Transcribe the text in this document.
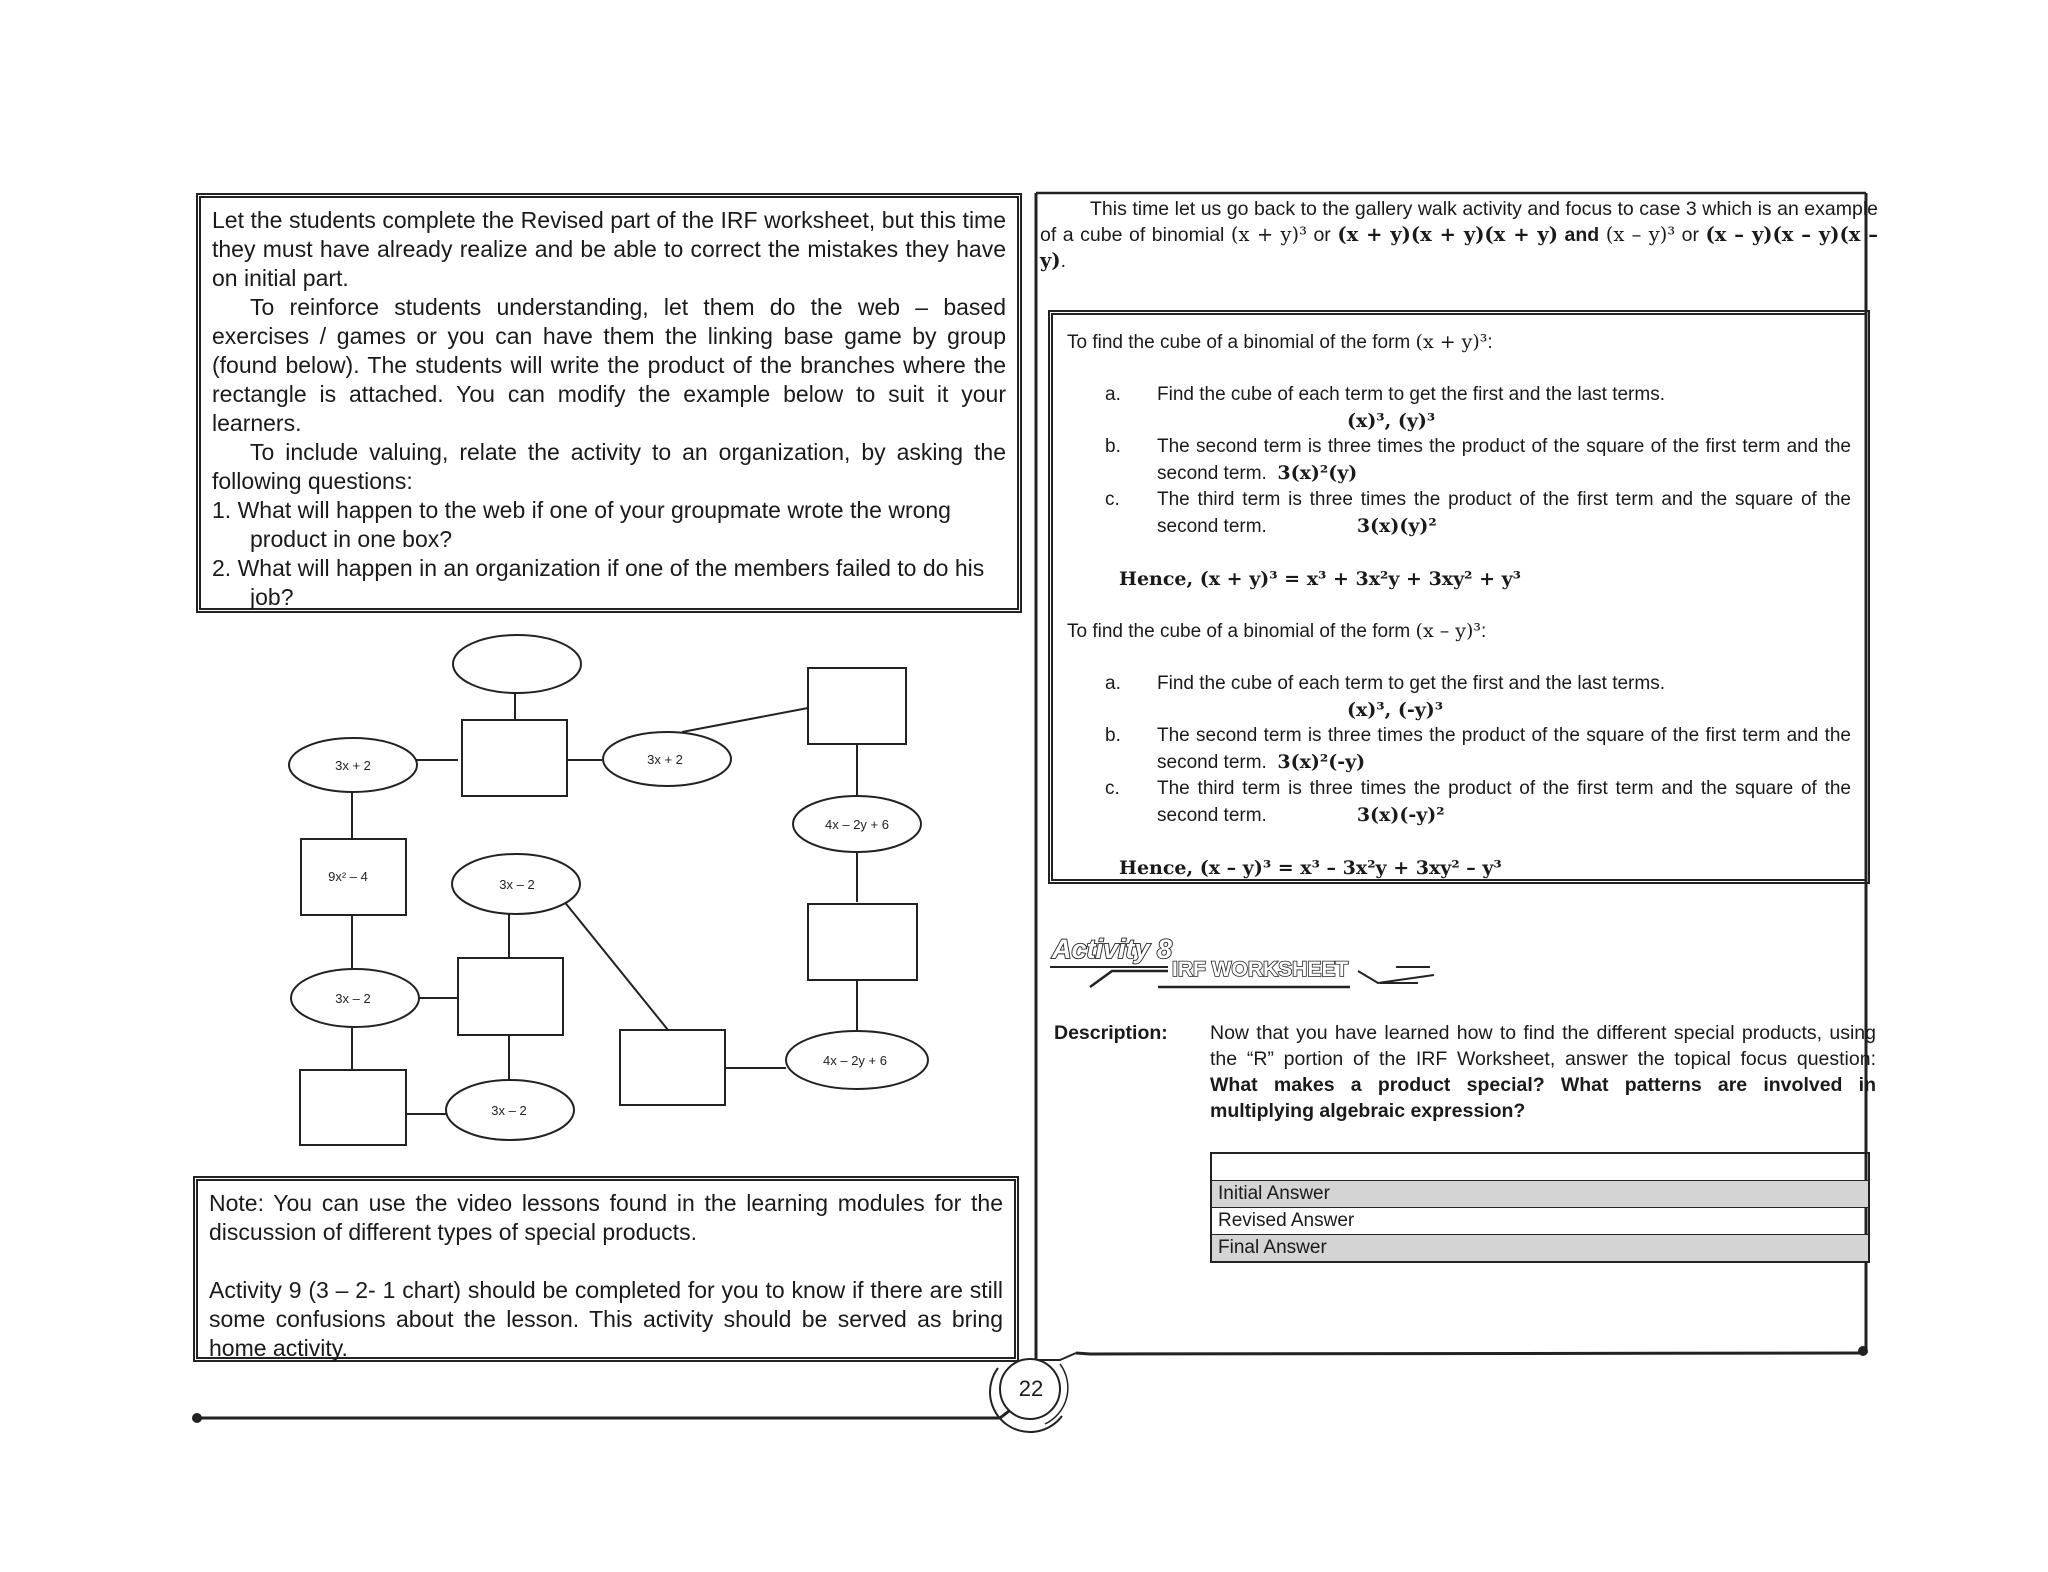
22

Let the students complete the Revised part of the IRF worksheet, but this time they must have already realize and be able to correct the mistakes they have on initial part.

To reinforce students understanding, let them do the web – based exercises / games or you can have them the linking base game by group (found below). The students will write the product of the branches where the rectangle is attached. You can modify the example below to suit it your learners.

To include valuing, relate the activity to an organization, by asking the following questions:

1. What will happen to the web if one of your groupmate wrote the wrong product in one box?
2. What will happen in an organization if one of the members failed to do his job?
3x + 2	3x + 2
4x – 2y + 6
9x² – 4
3x – 2
3x – 2
4x – 2y + 6
3x – 2

Note: You can use the video lessons found in the learning modules for the discussion of different types of special products.

Activity 9 (3 – 2- 1 chart) should be completed for you to know if there are still some confusions about the lesson. This activity should be served as bring home activity.

This time let us go back to the gallery walk activity and focus to case 3 which is an example of a cube of binomial (x + y)³ or (x + y)(x + y)(x + y) and (x – y)³ or (x – y)(x – y)(x – y).
To find the cube of a binomial of the form (x + y)³:
a.	Find the cube of each term to get the first and the last terms.
(x)³, (y)³
b.	The second term is three times the product of the square of the first term and the second term. 3(x)²(y)
c.	The third term is three times the product of the first term and the square of the second term.	3(x)(y)²
Hence, (x + y)³ = x³ + 3x²y + 3xy² + y³
To find the cube of a binomial of the form (x – y)³:
a.	Find the cube of each term to get the first and the last terms.
(x)³, (-y)³
b.	The second term is three times the product of the square of the first term and the second term. 3(x)²(-y)
c.	The third term is three times the product of the first term and the square of the second term.	3(x)(-y)²
Hence, (x – y)³ = x³ – 3x²y + 3xy² – y³
Activity 8
IRF WORKSHEET
Description:	Now that you have learned how to find the different special products, using the “R” portion of the IRF Worksheet, answer the topical focus question: What makes a product special? What patterns are involved in multiplying algebraic expression?

Initial Answer
Revised Answer
Final Answer
